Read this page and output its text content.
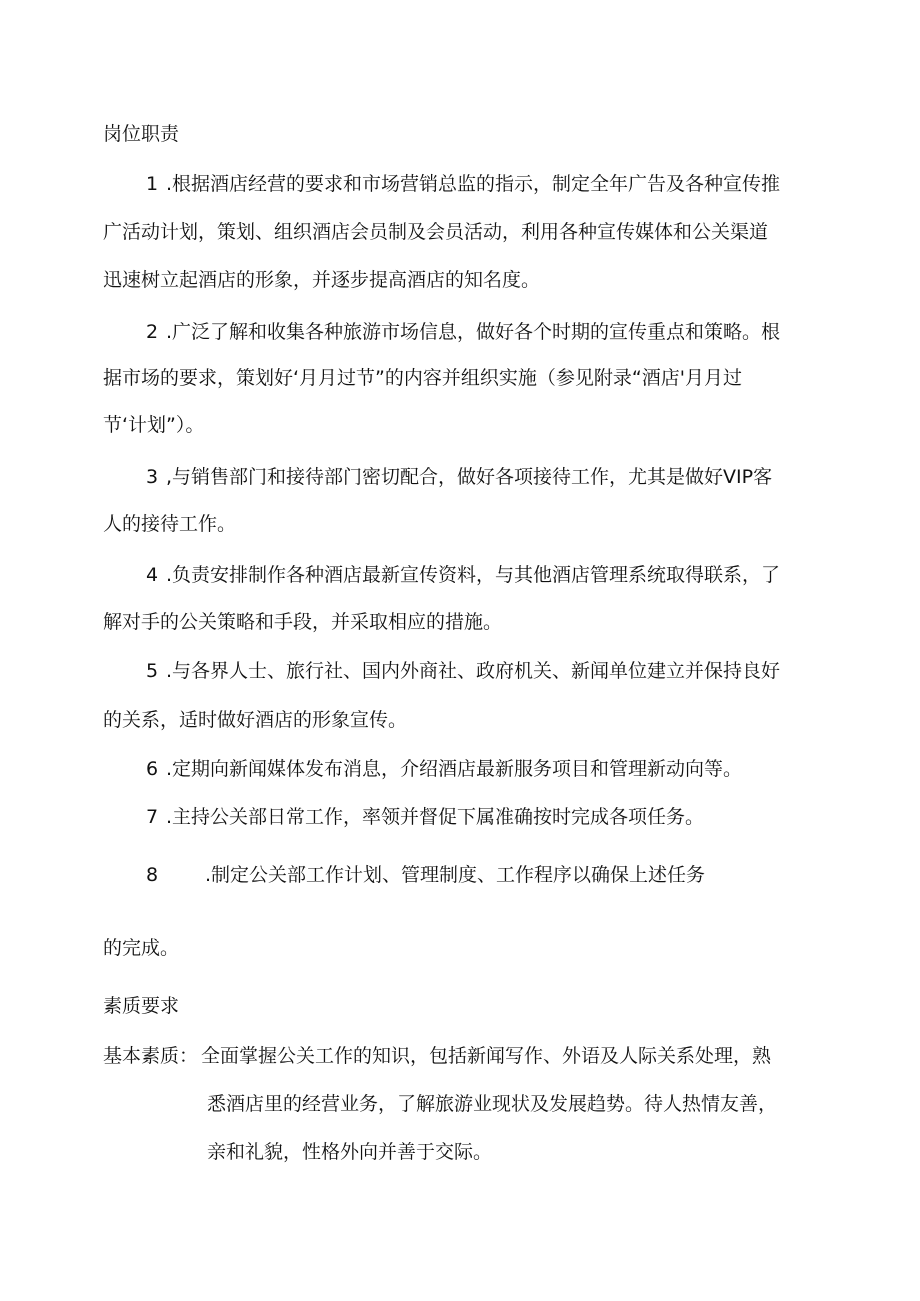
岗位职责
1 .根据酒店经营的要求和市场营销总监的指示，制定全年广告及各种宣传推
广活动计划，策划、组织酒店会员制及会员活动，利用各种宣传媒体和公关渠道
迅速树立起酒店的形象，并逐步提高酒店的知名度。
2 .广泛了解和收集各种旅游市场信息，做好各个时期的宣传重点和策略。根
据市场的要求，策划好‘月月过节”的内容并组织实施（参见附录“酒店'月月过
节‘计划”）。
3 ,与销售部门和接待部门密切配合，做好各项接待工作，尤其是做好VIP客
人的接待工作。
4 .负责安排制作各种酒店最新宣传资料，与其他酒店管理系统取得联系，了
解对手的公关策略和手段，并采取相应的措施。
5 .与各界人士、旅行社、国内外商社、政府机关、新闻单位建立并保持良好
的关系，适时做好酒店的形象宣传。
6 .定期向新闻媒体发布消息，介绍酒店最新服务项目和管理新动向等。
7 .主持公关部日常工作，率领并督促下属准确按时完成各项任务。
8 .制定公关部工作计划、管理制度、工作程序以确保上述任务
的完成。
素质要求
基本素质： 全面掌握公关工作的知识，包括新闻写作、外语及人际关系处理，熟
悉酒店里的经营业务，了解旅游业现状及发展趋势。待人热情友善，
亲和礼貌，性格外向并善于交际。
